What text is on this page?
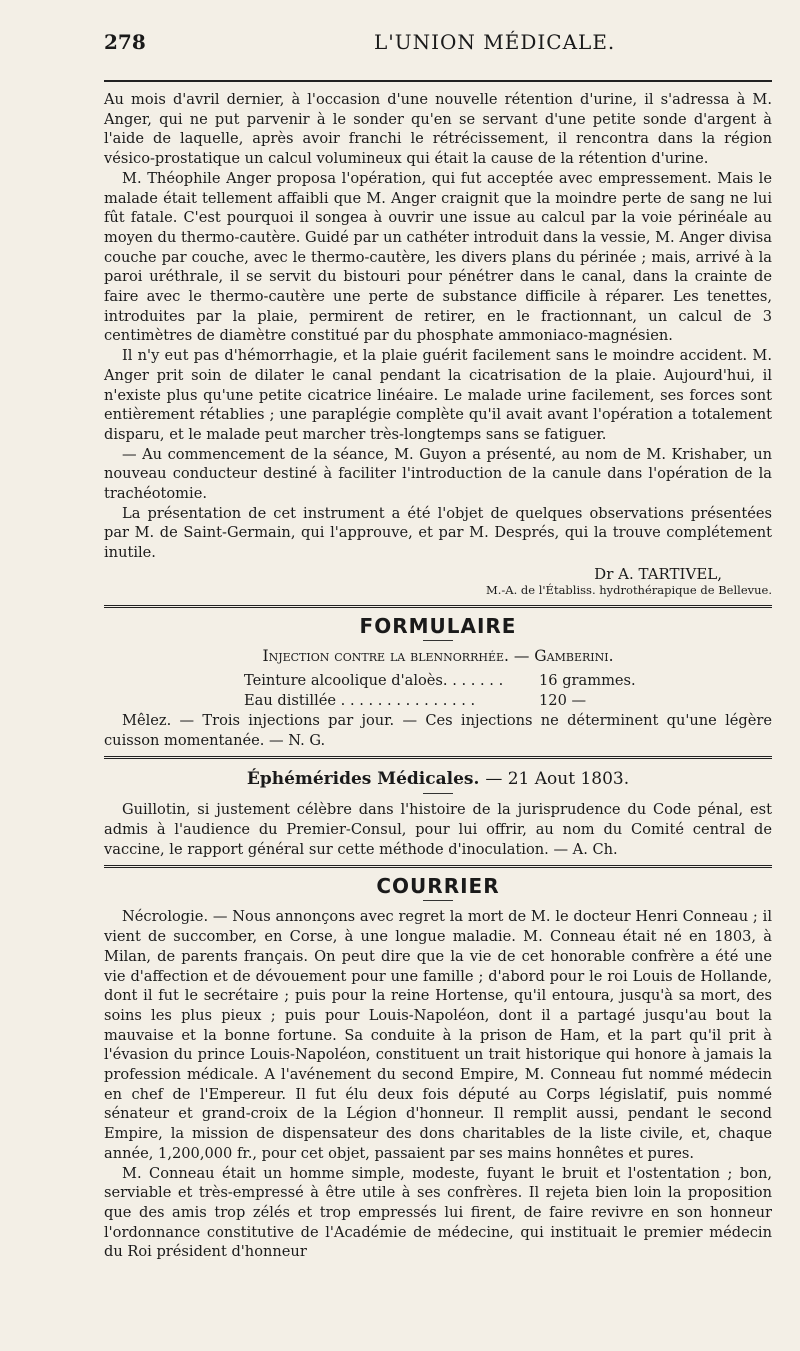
278	L'UNION MÉDICALE.

Au mois d'avril dernier, à l'occasion d'une nouvelle rétention d'urine, il s'adressa à M. Anger, qui ne put parvenir à le sonder qu'en se servant d'une petite sonde d'argent à l'aide de laquelle, après avoir franchi le rétrécissement, il rencontra dans la région vésico-prostatique un calcul volumineux qui était la cause de la rétention d'urine.

M. Théophile Anger proposa l'opération, qui fut acceptée avec empressement. Mais le malade était tellement affaibli que M. Anger craignit que la moindre perte de sang ne lui fût fatale. C'est pourquoi il songea à ouvrir une issue au calcul par la voie périnéale au moyen du thermo-cautère. Guidé par un cathéter introduit dans la vessie, M. Anger divisa couche par couche, avec le thermo-cautère, les divers plans du périnée ; mais, arrivé à la paroi uréthrale, il se servit du bistouri pour pénétrer dans le canal, dans la crainte de faire avec le thermo-cautère une perte de substance difficile à réparer. Les tenettes, introduites par la plaie, permirent de retirer, en le fractionnant, un calcul de 3 centimètres de diamètre constitué par du phosphate ammoniaco-magnésien.

Il n'y eut pas d'hémorrhagie, et la plaie guérit facilement sans le moindre accident. M. Anger prit soin de dilater le canal pendant la cicatrisation de la plaie. Aujourd'hui, il n'existe plus qu'une petite cicatrice linéaire. Le malade urine facilement, ses forces sont entièrement rétablies ; une paraplégie complète qu'il avait avant l'opération a totalement disparu, et le malade peut marcher très-longtemps sans se fatiguer.

— Au commencement de la séance, M. Guyon a présenté, au nom de M. Krishaber, un nouveau conducteur destiné à faciliter l'introduction de la canule dans l'opération de la trachéotomie.

La présentation de cet instrument a été l'objet de quelques observations présentées par M. de Saint-Germain, qui l'approuve, et par M. Després, qui la trouve complétement inutile.

Dr A. TARTIVEL,
M.-A. de l'Établiss. hydrothérapique de Bellevue.
FORMULAIRE
Injection contre la blennorrhée. — Gamberini.
Teinture alcoolique d'aloès. . . . . . .	16 grammes.
Eau distillée . . . . . . . . . . . . . . .	120 —

Mêlez. — Trois injections par jour. — Ces injections ne déterminent qu'une légère cuisson momentanée. — N. G.

Éphémérides Médicales. — 21 Aout 1803.

Guillotin, si justement célèbre dans l'histoire de la jurisprudence du Code pénal, est admis à l'audience du Premier-Consul, pour lui offrir, au nom du Comité central de vaccine, le rapport général sur cette méthode d'inoculation. — A. Ch.

COURRIER

Nécrologie. — Nous annonçons avec regret la mort de M. le docteur Henri Conneau ; il vient de succomber, en Corse, à une longue maladie. M. Conneau était né en 1803, à Milan, de parents français. On peut dire que la vie de cet honorable confrère a été une vie d'affection et de dévouement pour une famille ; d'abord pour le roi Louis de Hollande, dont il fut le secrétaire ; puis pour la reine Hortense, qu'il entoura, jusqu'à sa mort, des soins les plus pieux ; puis pour Louis-Napoléon, dont il a partagé jusqu'au bout la mauvaise et la bonne fortune. Sa conduite à la prison de Ham, et la part qu'il prit à l'évasion du prince Louis-Napoléon, constituent un trait historique qui honore à jamais la profession médicale. A l'avénement du second Empire, M. Conneau fut nommé médecin en chef de l'Empereur. Il fut élu deux fois député au Corps législatif, puis nommé sénateur et grand-croix de la Légion d'honneur. Il remplit aussi, pendant le second Empire, la mission de dispensateur des dons charitables de la liste civile, et, chaque année, 1,200,000 fr., pour cet objet, passaient par ses mains honnêtes et pures.

M. Conneau était un homme simple, modeste, fuyant le bruit et l'ostentation ; bon, serviable et très-empressé à être utile à ses confrères. Il rejeta bien loin la proposition que des amis trop zélés et trop empressés lui firent, de faire revivre en son honneur l'ordonnance constitutive de l'Académie de médecine, qui instituait le premier médecin du Roi président d'honneur
